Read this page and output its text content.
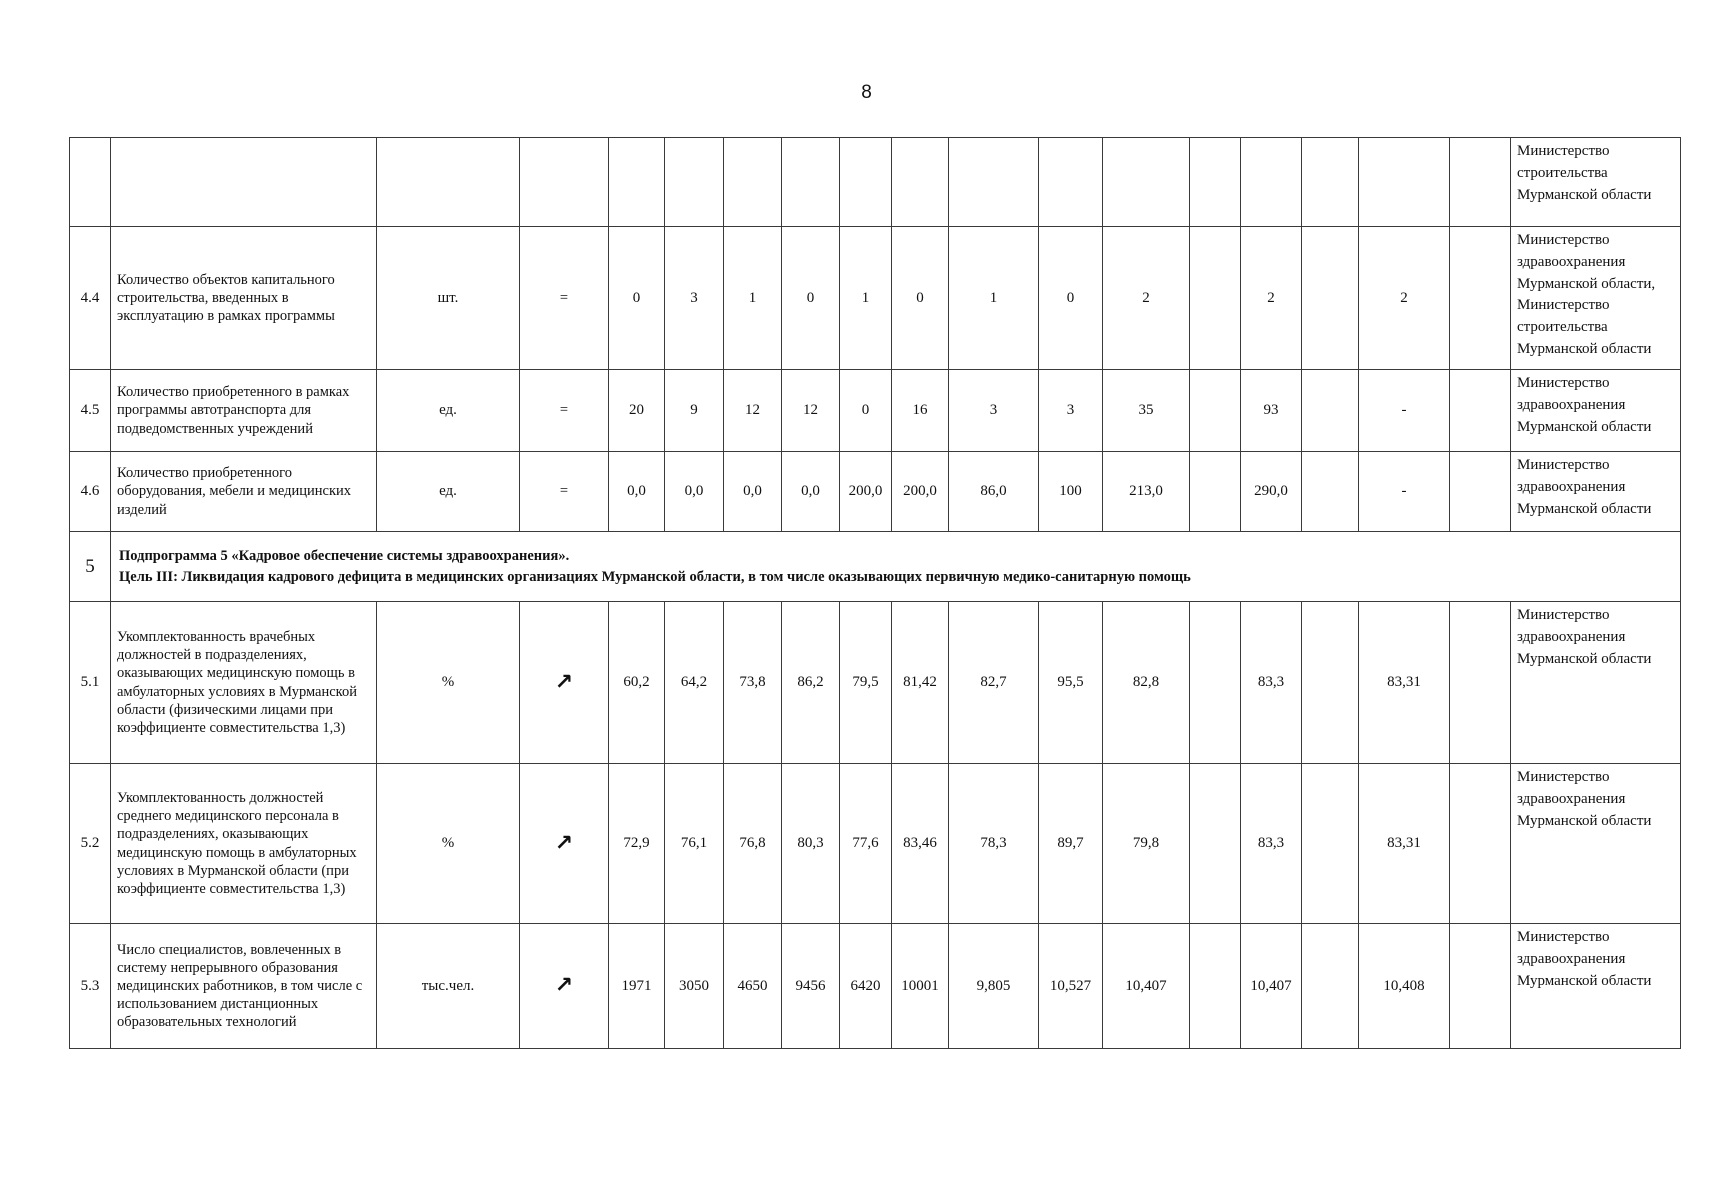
8
																		Министерство строительства Мурманской области
4.4	Количество объектов капитального строительства, введенных в эксплуатацию в рамках программы	шт.	=	0	3	1	0	1	0	1	0	2		2		2		Министерство здравоохранения Мурманской области, Министерство строительства Мурманской области
4.5	Количество приобретенного в рамках программы автотранспорта для подведомственных учреждений	ед.	=	20	9	12	12	0	16	3	3	35		93		-		Министерство здравоохранения Мурманской области
4.6	Количество приобретенного оборудования, мебели и медицинских изделий	ед.	=	0,0	0,0	0,0	0,0	200,0	200,0	86,0	100	213,0		290,0		-		Министерство здравоохранения Мурманской области
5	Подпрограмма 5 «Кадровое обеспечение системы здравоохранения».
Цель III: Ликвидация кадрового дефицита в медицинских организациях Мурманской области, в том числе оказывающих первичную медико-санитарную помощь																	

5.1	Укомплектованность врачебных должностей в подразделениях, оказывающих медицинскую помощь в амбулаторных условиях в Мурманской области (физическими лицами при коэффициенте совместительства 1,3)	%	↗	60,2	64,2	73,8	86,2	79,5	81,42	82,7	95,5	82,8		83,3		83,31		Министерство здравоохранения Мурманской области
5.2	Укомплектованность должностей среднего медицинского персонала в подразделениях, оказывающих медицинскую помощь в амбулаторных условиях в Мурманской области (при коэффициенте совместительства 1,3)	%	↗	72,9	76,1	76,8	80,3	77,6	83,46	78,3	89,7	79,8		83,3		83,31		Министерство здравоохранения Мурманской области
5.3	Число специалистов, вовлеченных в систему непрерывного образования медицинских работников, в том числе с использованием дистанционных образовательных технологий	тыс.чел.	↗	1971	3050	4650	9456	6420	10001	9,805	10,527	10,407		10,407		10,408		Министерство здравоохранения Мурманской области
